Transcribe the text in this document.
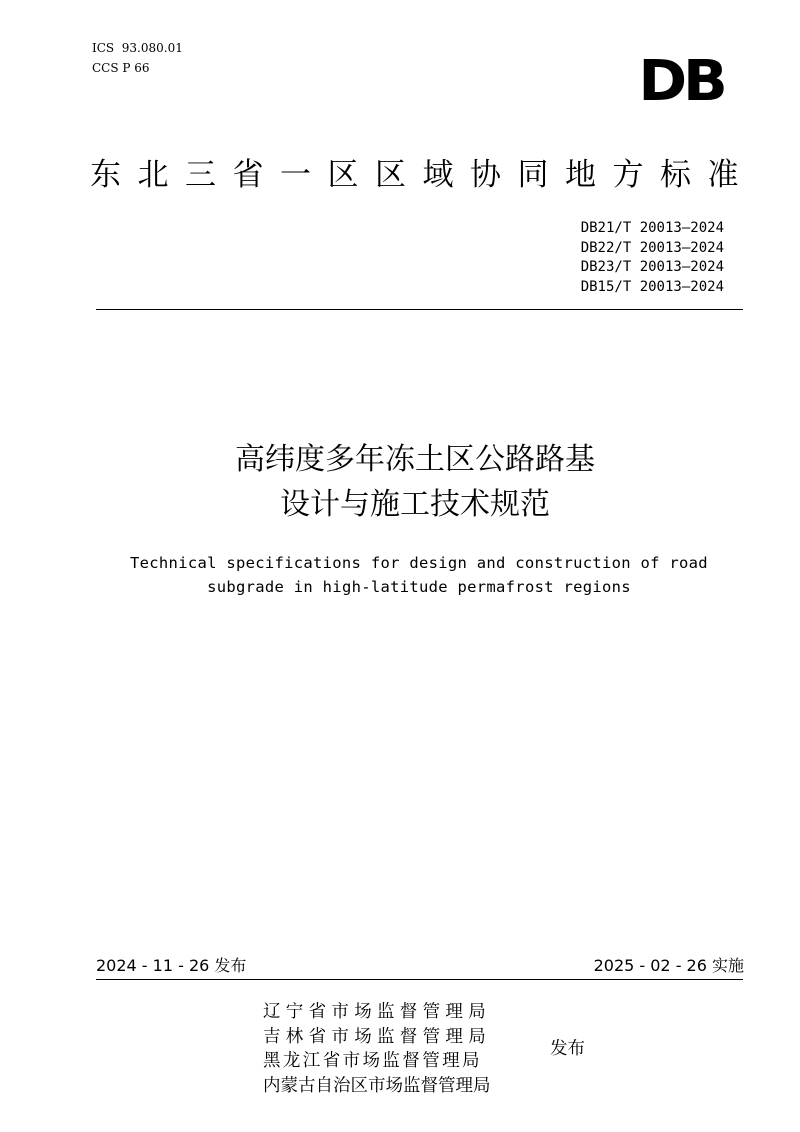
ICS  93.080.01
CCS P 66	DB
东北三省一区区域协同地方标准
DB21/T 20013—2024
DB22/T 20013—2024
DB23/T 20013—2024
DB15/T 20013—2024
高纬度多年冻土区公路路基
设计与施工技术规范
Technical specifications for design and construction of road
subgrade in high-latitude permafrost regions
2024 - 11 - 26 发布	2025 - 02 - 26 实施
辽宁省市场监督管理局
吉林省市场监督管理局
黑龙江省市场监督管理局
内蒙古自治区市场监督管理局
发布
